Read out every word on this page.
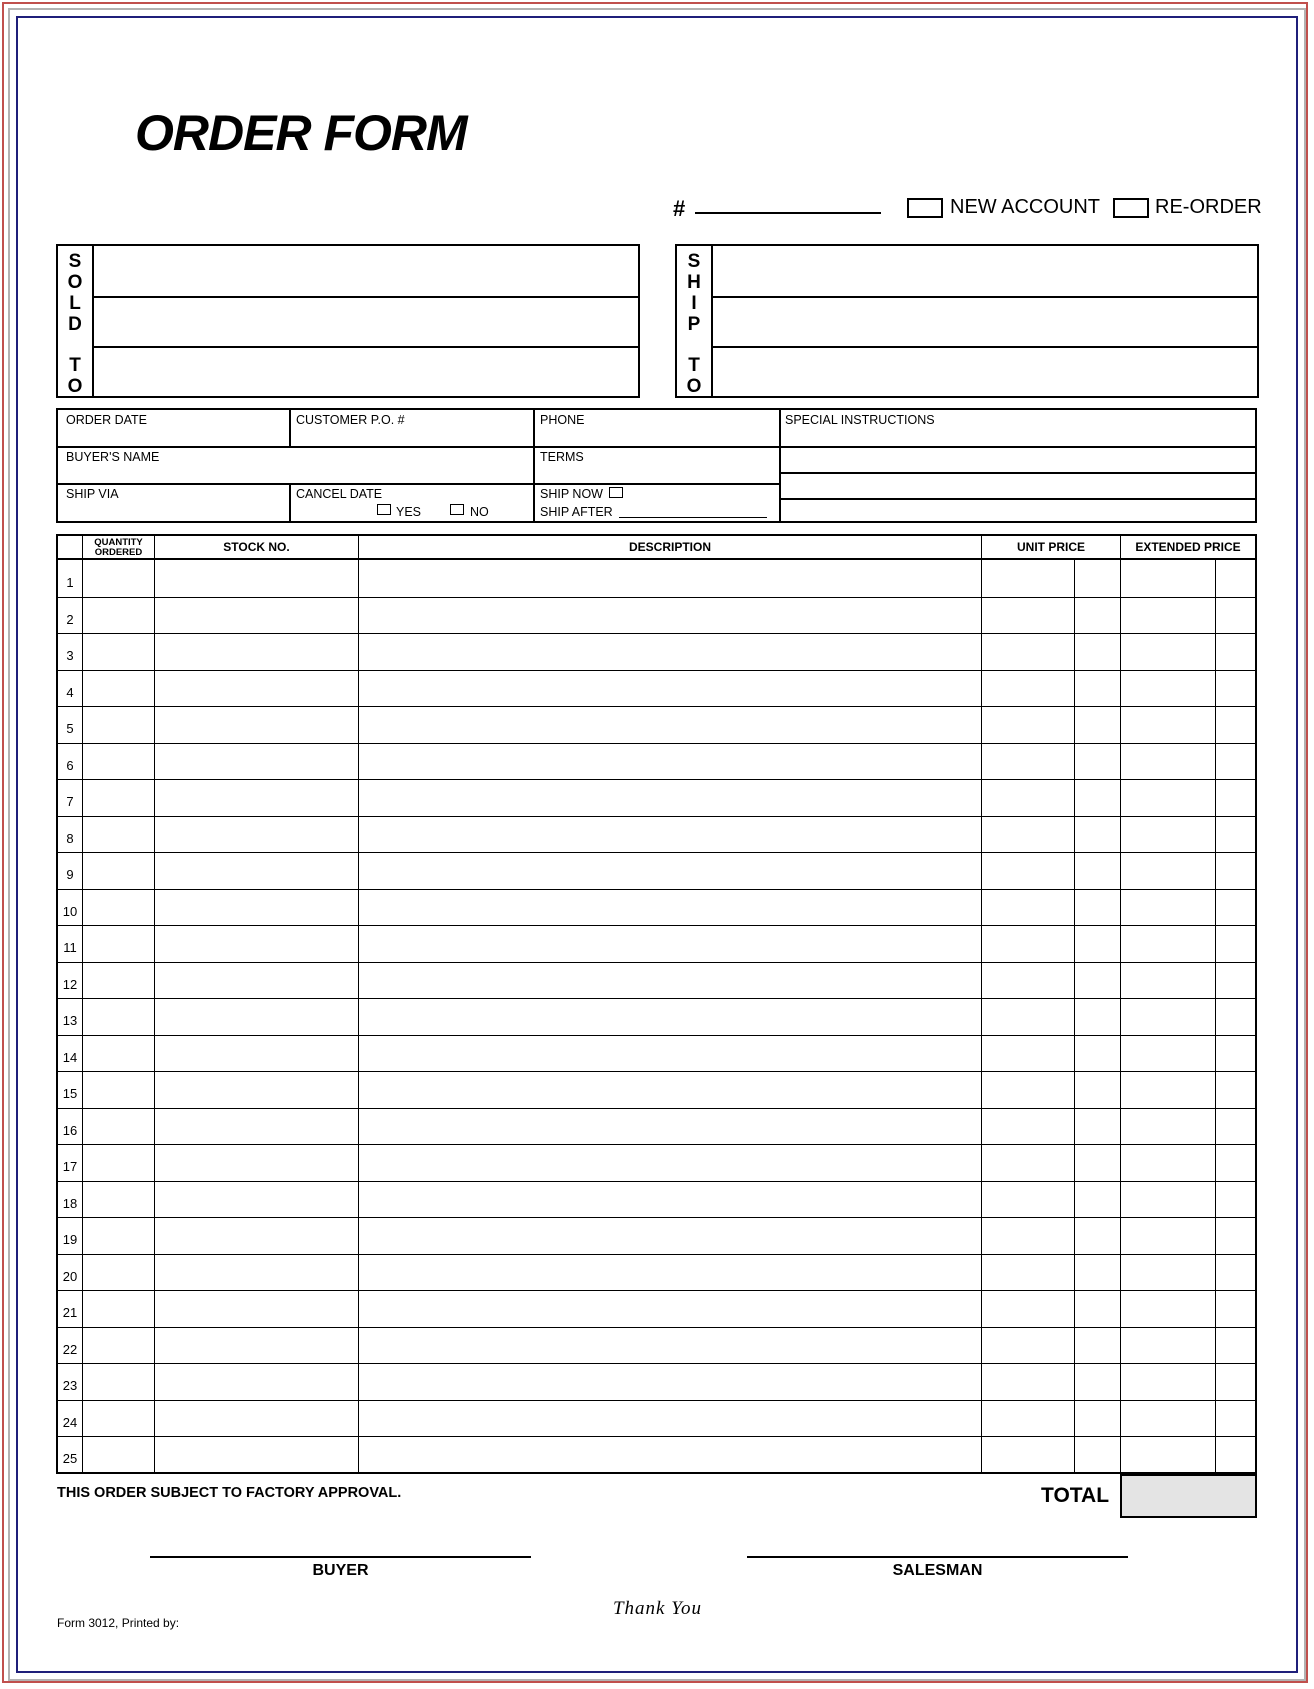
ORDER FORM
#	NEW ACCOUNT	RE-ORDER
S
O
L
D
T
O
S
H
I
P
T
O
ORDER DATE	CUSTOMER P.O. #	PHONE	SPECIAL INSTRUCTIONS
BUYER'S NAME	TERMS
SHIP VIA	CANCEL DATE
YES	NO
SHIP NOW
SHIP AFTER
QUANTITY
ORDERED	STOCK NO.	DESCRIPTION	UNIT PRICE	EXTENDED PRICE
1
2
3
4
5
6
7
8
9
10
11
12
13
14
15
16
17
18
19
20
21
22
23
24
25
THIS ORDER SUBJECT TO FACTORY APPROVAL.	TOTAL
BUYER	SALESMAN
Thank You
Form 3012, Printed by:
